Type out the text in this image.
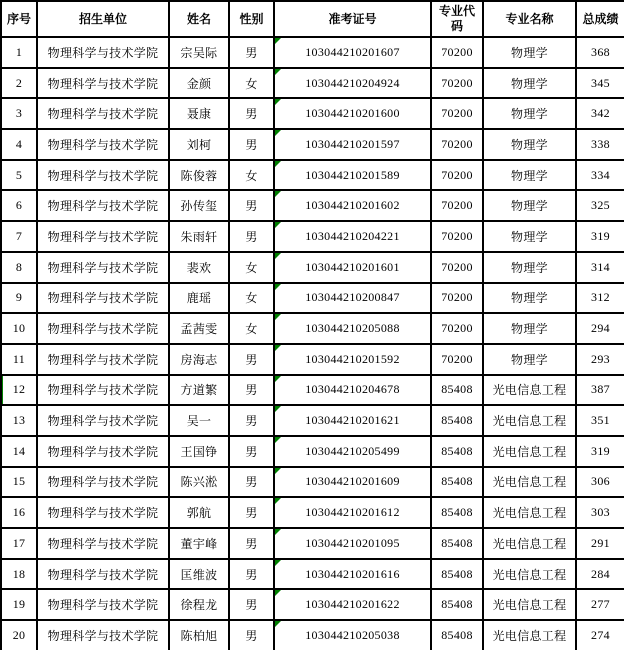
序号	招生单位	姓名	性别	准考证号	专业代码	专业名称	总成绩
1	物理科学与技术学院	宗吴际	男	103044210201607	70200	物理学	368
2	物理科学与技术学院	金颜	女	103044210204924	70200	物理学	345
3	物理科学与技术学院	聂康	男	103044210201600	70200	物理学	342
4	物理科学与技术学院	刘柯	男	103044210201597	70200	物理学	338
5	物理科学与技术学院	陈俊蓉	女	103044210201589	70200	物理学	334
6	物理科学与技术学院	孙传玺	男	103044210201602	70200	物理学	325
7	物理科学与技术学院	朱雨轩	男	103044210204221	70200	物理学	319
8	物理科学与技术学院	裴欢	女	103044210201601	70200	物理学	314
9	物理科学与技术学院	鹿瑶	女	103044210200847	70200	物理学	312
10	物理科学与技术学院	孟茜雯	女	103044210205088	70200	物理学	294
11	物理科学与技术学院	房海志	男	103044210201592	70200	物理学	293

12	物理科学与技术学院	方道繁	男	103044210204678	85408	光电信息工程	387
13	物理科学与技术学院	吴一	男	103044210201621	85408	光电信息工程	351
14	物理科学与技术学院	王国铮	男	103044210205499	85408	光电信息工程	319
15	物理科学与技术学院	陈兴淞	男	103044210201609	85408	光电信息工程	306
16	物理科学与技术学院	郭航	男	103044210201612	85408	光电信息工程	303
17	物理科学与技术学院	董宇峰	男	103044210201095	85408	光电信息工程	291
18	物理科学与技术学院	匡维波	男	103044210201616	85408	光电信息工程	284
19	物理科学与技术学院	徐程龙	男	103044210201622	85408	光电信息工程	277
20	物理科学与技术学院	陈柏旭	男	103044210205038	85408	光电信息工程	274
